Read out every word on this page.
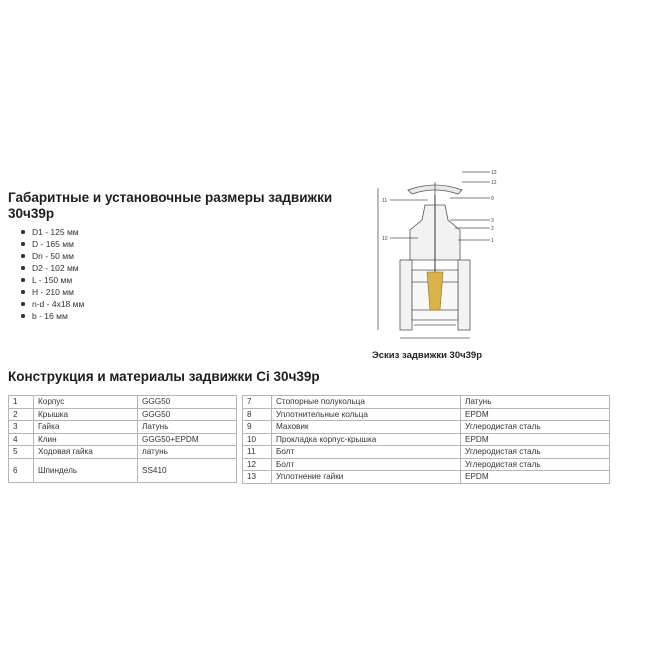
Габаритные и установочные размеры задвижки 30ч39р
D1 - 125 мм
D - 165 мм
Dn - 50 мм
D2 - 102 мм
L - 150 мм
H - 210 мм
n-d - 4x18 мм
b - 16 мм
13
12
9
3
2
1
10
11
Эскиз задвижки 30ч39р
Конструкция и материалы задвижки Ci 30ч39р
1	Корпус	GGG50
2	Крышка	GGG50
3	Гайка	Латунь
4	Клин	GGG50+EPDM
5	Ходовая гайка	латунь
6	Шпиндель	SS410
7	Стопорные полукольца	Латунь
8	Уплотнительные кольца	EPDM
9	Маховик	Углеродистая сталь
10	Прокладка корпус-крышка	EPDM
11	Болт	Углеродистая сталь
12	Болт	Углеродистая сталь
13	Уплотнение гайки	EPDM
